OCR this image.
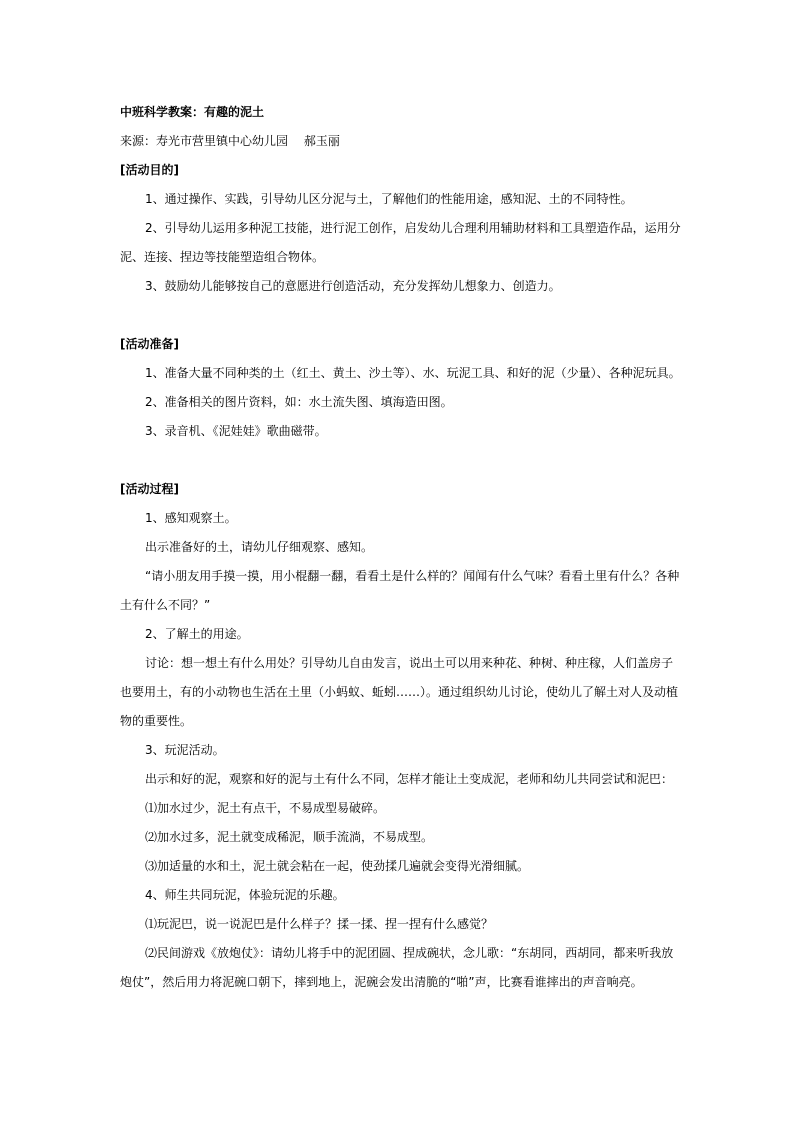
中班科学教案：有趣的泥土
来源：寿光市营里镇中心幼儿园　 郝玉丽
[活动目的]
1、通过操作、实践，引导幼儿区分泥与土，了解他们的性能用途，感知泥、土的不同特性。
2、引导幼儿运用多种泥工技能，进行泥工创作，启发幼儿合理利用辅助材料和工具塑造作品，运用分
泥、连接、捏边等技能塑造组合物体。
3、鼓励幼儿能够按自己的意愿进行创造活动，充分发挥幼儿想象力、创造力。
[活动准备]
1、准备大量不同种类的土（红土、黄土、沙土等）、水、玩泥工具、和好的泥（少量）、各种泥玩具。
2、准备相关的图片资料，如：水土流失图、填海造田图。
3、录音机、《泥娃娃》歌曲磁带。
[活动过程]
1、感知观察土。
出示准备好的土，请幼儿仔细观察、感知。
“请小朋友用手摸一摸，用小棍翻一翻，看看土是什么样的？闻闻有什么气味？看看土里有什么？各种
土有什么不同？”
2、了解土的用途。
讨论：想一想土有什么用处？引导幼儿自由发言，说出土可以用来种花、种树、种庄稼，人们盖房子
也要用土，有的小动物也生活在土里（小蚂蚁、蚯蚓……）。通过组织幼儿讨论，使幼儿了解土对人及动植
物的重要性。
3、玩泥活动。
出示和好的泥，观察和好的泥与土有什么不同，怎样才能让土变成泥，老师和幼儿共同尝试和泥巴：
⑴加水过少，泥土有点干，不易成型易破碎。
⑵加水过多，泥土就变成稀泥，顺手流淌，不易成型。
⑶加适量的水和土，泥土就会粘在一起，使劲揉几遍就会变得光滑细腻。
4、师生共同玩泥，体验玩泥的乐趣。
⑴玩泥巴，说一说泥巴是什么样子？揉一揉、捏一捏有什么感觉？
⑵民间游戏《放炮仗》：请幼儿将手中的泥团圆、捏成碗状，念儿歌：“东胡同，西胡同，都来听我放
炮仗”，然后用力将泥碗口朝下，摔到地上，泥碗会发出清脆的“啪”声，比赛看谁摔出的声音响亮。
